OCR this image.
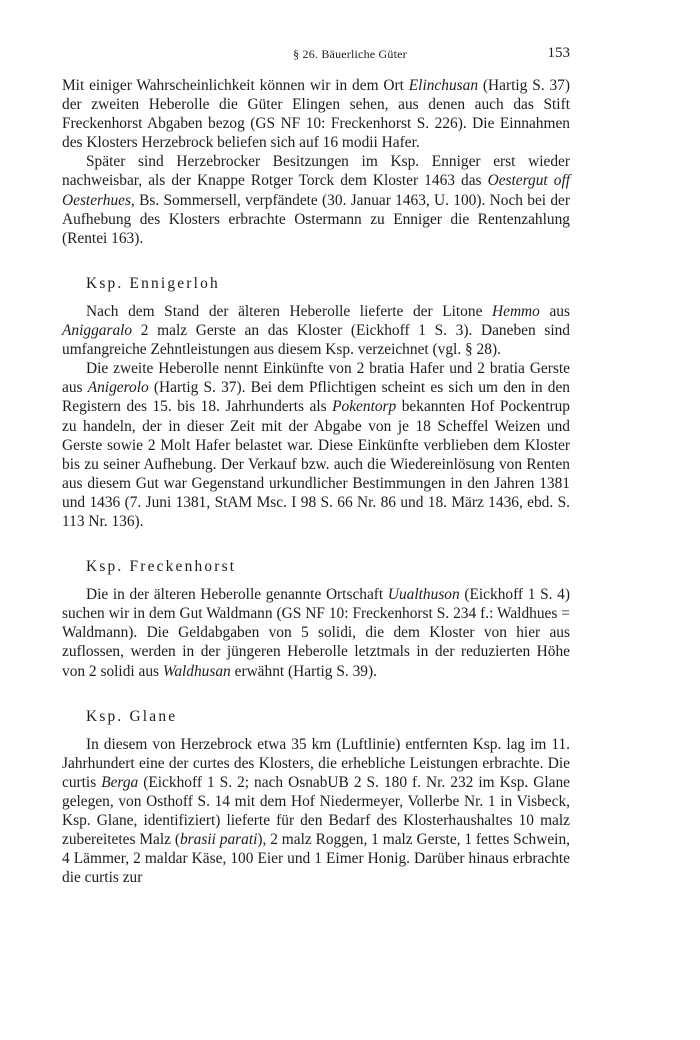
§ 26. Bäuerliche Güter	153

Mit einiger Wahrscheinlichkeit können wir in dem Ort Elinchusan (Hartig S. 37) der zweiten Heberolle die Güter Elingen sehen, aus denen auch das Stift Freckenhorst Abgaben bezog (GS NF 10: Freckenhorst S. 226). Die Einnahmen des Klosters Herzebrock beliefen sich auf 16 modii Hafer.

Später sind Herzebrocker Besitzungen im Ksp. Enniger erst wieder nachweisbar, als der Knappe Rotger Torck dem Kloster 1463 das Oestergut off Oesterhues, Bs. Sommersell, verpfändete (30. Januar 1463, U. 100). Noch bei der Aufhebung des Klosters erbrachte Ostermann zu Enniger die Rentenzahlung (Rentei 163).

Ksp. Ennigerloh

Nach dem Stand der älteren Heberolle lieferte der Litone Hemmo aus Aniggaralo 2 malz Gerste an das Kloster (Eickhoff 1 S. 3). Daneben sind umfangreiche Zehntleistungen aus diesem Ksp. verzeichnet (vgl. § 28).

Die zweite Heberolle nennt Einkünfte von 2 bratia Hafer und 2 bratia Gerste aus Anigerolo (Hartig S. 37). Bei dem Pflichtigen scheint es sich um den in den Registern des 15. bis 18. Jahrhunderts als Pokentorp bekannten Hof Pockentrup zu handeln, der in dieser Zeit mit der Abgabe von je 18 Scheffel Weizen und Gerste sowie 2 Molt Hafer belastet war. Diese Einkünfte verblieben dem Kloster bis zu seiner Aufhebung. Der Verkauf bzw. auch die Wiedereinlösung von Renten aus diesem Gut war Gegenstand urkundlicher Bestimmungen in den Jahren 1381 und 1436 (7. Juni 1381, StAM Msc. I 98 S. 66 Nr. 86 und 18. März 1436, ebd. S. 113 Nr. 136).

Ksp. Freckenhorst

Die in der älteren Heberolle genannte Ortschaft Uualthuson (Eickhoff 1 S. 4) suchen wir in dem Gut Waldmann (GS NF 10: Freckenhorst S. 234 f.: Waldhues = Waldmann). Die Geldabgaben von 5 solidi, die dem Kloster von hier aus zuflossen, werden in der jüngeren Heberolle letztmals in der reduzierten Höhe von 2 solidi aus Waldhusan erwähnt (Hartig S. 39).

Ksp. Glane

In diesem von Herzebrock etwa 35 km (Luftlinie) entfernten Ksp. lag im 11. Jahrhundert eine der curtes des Klosters, die erhebliche Leistungen erbrachte. Die curtis Berga (Eickhoff 1 S. 2; nach OsnabUB 2 S. 180 f. Nr. 232 im Ksp. Glane gelegen, von Osthoff S. 14 mit dem Hof Niedermeyer, Vollerbe Nr. 1 in Visbeck, Ksp. Glane, identifiziert) lieferte für den Bedarf des Klosterhaushaltes 10 malz zubereitetes Malz (brasii parati), 2 malz Roggen, 1 malz Gerste, 1 fettes Schwein, 4 Lämmer, 2 maldar Käse, 100 Eier und 1 Eimer Honig. Darüber hinaus erbrachte die curtis zur
